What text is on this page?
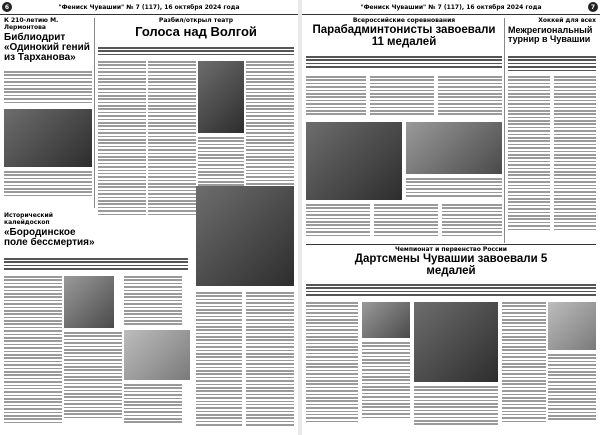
6	"Фениск Чувашии" № 7 (117), 16 октября 2024 года
К 210-летию М. Лермонтова
Библиодрит «Одинокий гений из Тарханова»
Разбил/открыл театр
Голоса над Волгой
Исторический калейдоскоп
«Бородинское поле бессмертия»
"Фениск Чувашии" № 7 (117), 16 октября 2024 года	7
Всероссийские соревнования
Парабадминтонисты завоевали 11 медалей
Хоккей для всех
Межрегиональный турнир в Чувашии
Чемпионат и первенство России
Дартсмены Чувашии завоевали 5 медалей
